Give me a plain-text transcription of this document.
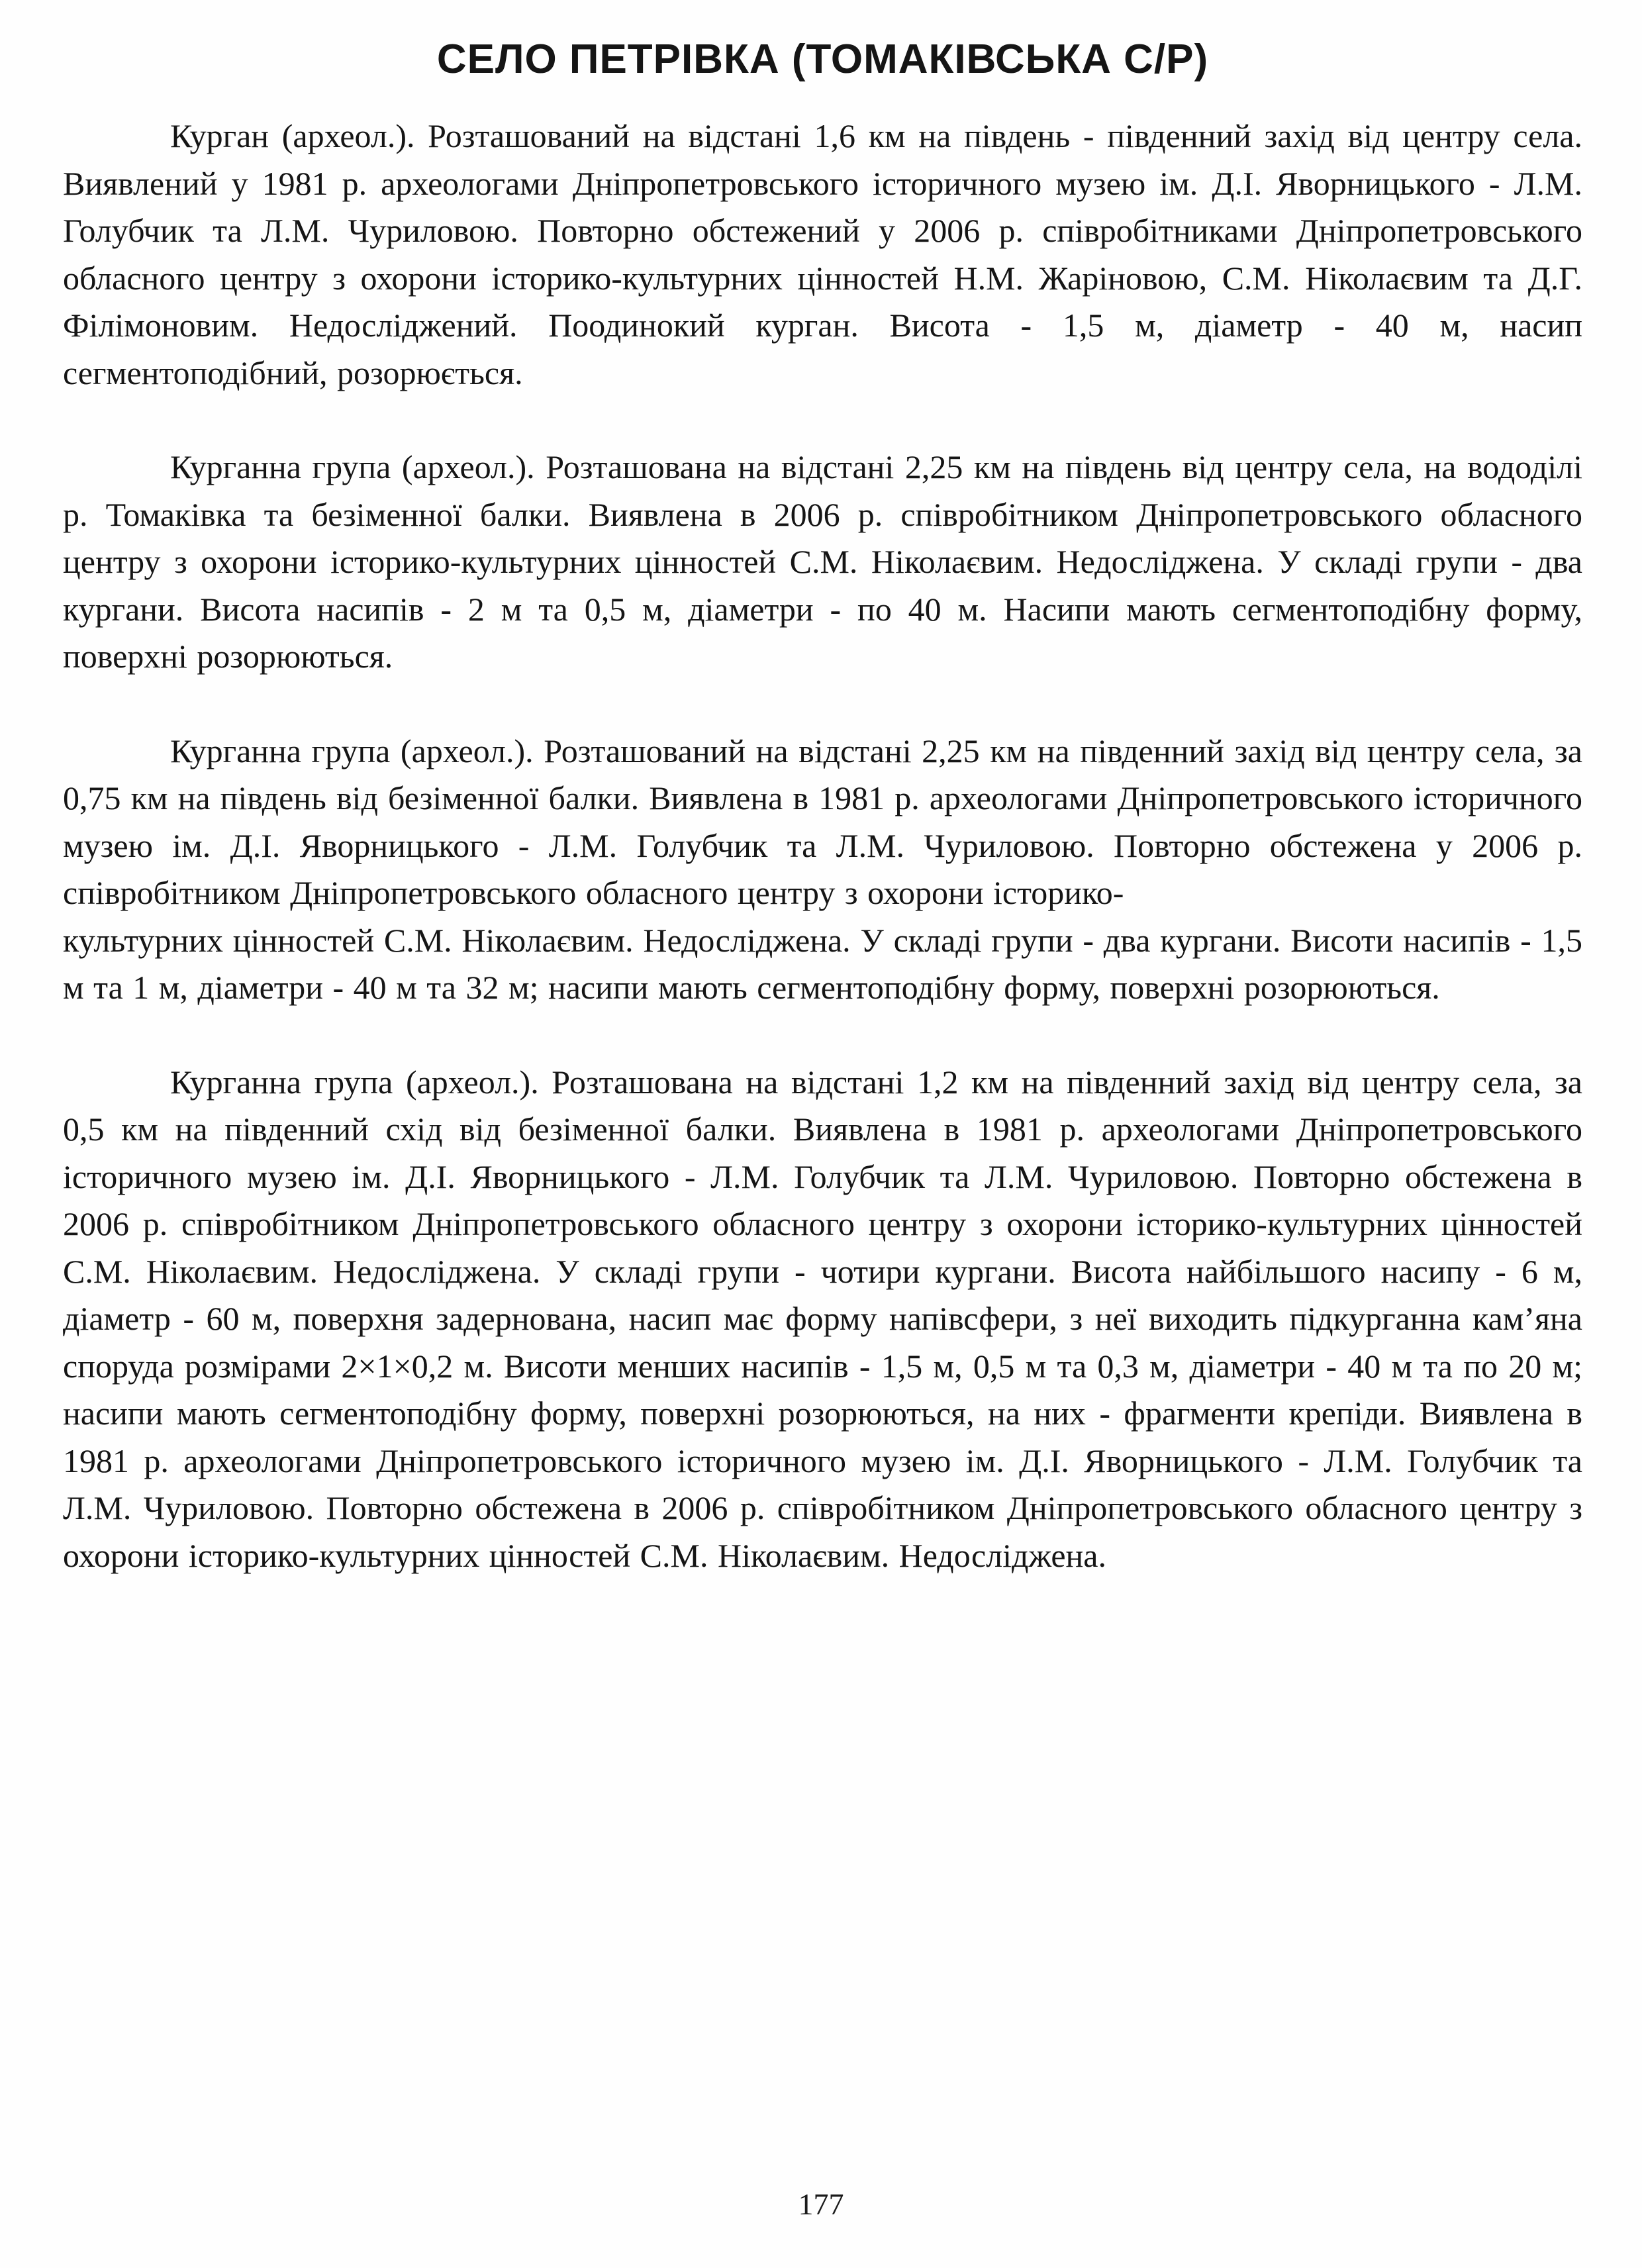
СЕЛО ПЕТРІВКА (ТОМАКІВСЬКА С/Р)

Курган (археол.). Розташований на відстані 1,6 км на південь - південний захід від центру села. Виявлений у 1981 р. археологами Дніпропетровського історичного музею ім. Д.І. Яворницького - Л.М. Голубчик та Л.М. Чуриловою. Повторно обстежений у 2006 р. співробітниками Дніпропетровського обласного центру з охорони історико-культурних цінностей Н.М. Жаріновою, С.М. Ніколаєвим та Д.Г. Філімоновим. Недосліджений. Поодинокий курган. Висота - 1,5 м, діаметр - 40 м, насип сегментоподібний, розорюється.

Курганна група (археол.). Розташована на відстані 2,25 км на південь від центру села, на вододілі р. Томаківка та безіменної балки. Виявлена в 2006 р. співробітником Дніпропетровського обласного центру з охорони історико-культурних цінностей С.М. Ніколаєвим. Недосліджена. У складі групи - два кургани. Висота насипів - 2 м та 0,5 м, діаметри - по 40 м. Насипи мають сегментоподібну форму, поверхні розорюються.

Курганна група (археол.). Розташований на відстані 2,25 км на південний захід від центру села, за 0,75 км на південь від безіменної балки. Виявлена в 1981 р. археологами Дніпропетровського історичного музею ім. Д.І. Яворницького - Л.М. Голубчик та Л.М. Чуриловою. Повторно обстежена у 2006 р. співробітником Дніпропетровського обласного центру з охорони історико-

культурних цінностей С.М. Ніколаєвим. Недосліджена. У складі групи - два кургани. Висоти насипів - 1,5 м та 1 м, діаметри - 40 м та 32 м; насипи мають сегментоподібну форму, поверхні розорюються.

Курганна група (археол.). Розташована на відстані 1,2 км на південний захід від центру села, за 0,5 км на південний схід від безіменної балки. Виявлена в 1981 р. археологами Дніпропетровського історичного музею ім. Д.І. Яворницького - Л.М. Голубчик та Л.М. Чуриловою. Повторно обстежена в 2006 р. співробітником Дніпропетровського обласного центру з охорони історико-культурних цінностей С.М. Ніколаєвим. Недосліджена. У складі групи - чотири кургани. Висота найбільшого насипу - 6 м, діаметр - 60 м, поверхня задернована, насип має форму напівсфери, з неї виходить підкурганна кам’яна споруда розмірами 2×1×0,2 м. Висоти менших насипів - 1,5 м, 0,5 м та 0,3 м, діаметри - 40 м та по 20 м; насипи мають сегментоподібну форму, поверхні розорюються, на них - фрагменти крепіди. Виявлена в 1981 р. археологами Дніпропетровського історичного музею ім. Д.І. Яворницького - Л.М. Голубчик та Л.М. Чуриловою. Повторно обстежена в 2006 р. співробітником Дніпропетровського обласного центру з охорони історико-культурних цінностей С.М. Ніколаєвим. Недосліджена.

177
